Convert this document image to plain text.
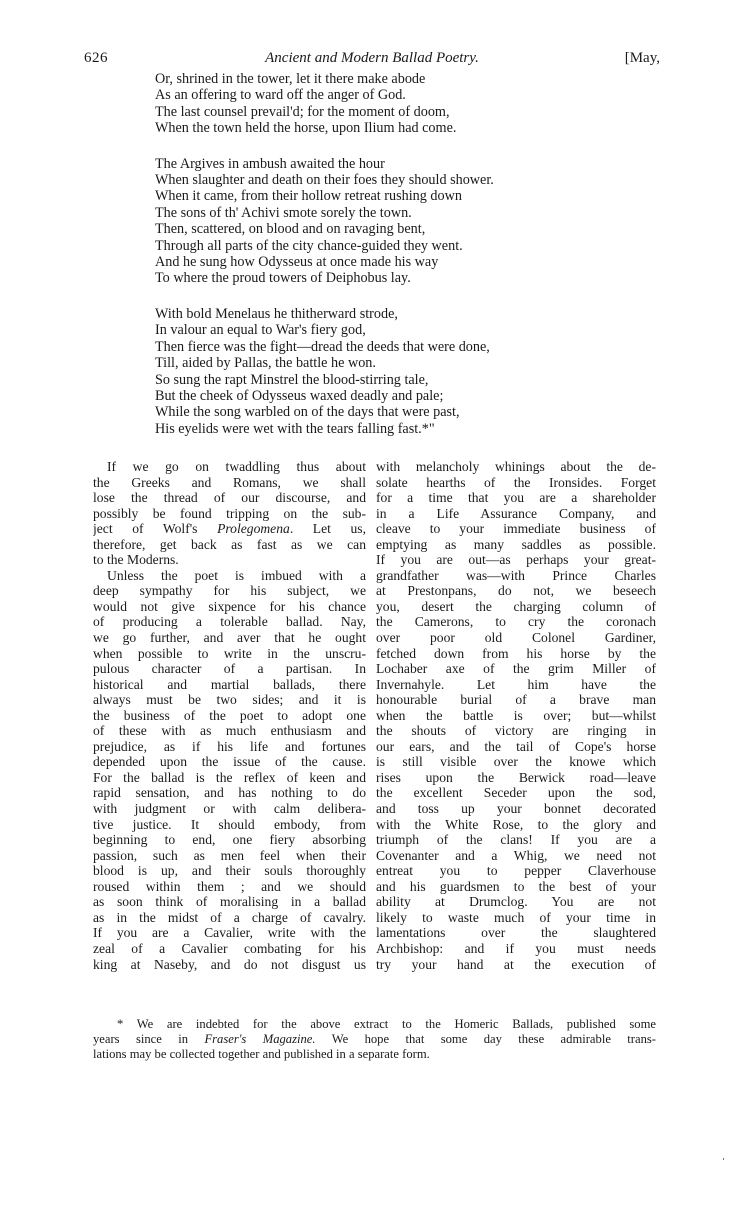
626	Ancient and Modern Ballad Poetry.	[May,
Or, shrined in the tower, let it there make abode
As an offering to ward off the anger of God.
The last counsel prevail'd; for the moment of doom,
When the town held the horse, upon Ilium had come.
The Argives in ambush awaited the hour
When slaughter and death on their foes they should shower.
When it came, from their hollow retreat rushing down
The sons of th' Achivi smote sorely the town.
Then, scattered, on blood and on ravaging bent,
Through all parts of the city chance-guided they went.
And he sung how Odysseus at once made his way
To where the proud towers of Deiphobus lay.
With bold Menelaus he thitherward strode,
In valour an equal to War's fiery god,
Then fierce was the fight—dread the deeds that were done,
Till, aided by Pallas, the battle he won.
So sung the rapt Minstrel the blood-stirring tale,
But the cheek of Odysseus waxed deadly and pale;
While the song warbled on of the days that were past,
His eyelids were wet with the tears falling fast.*"
If we go on twaddling thus about
the Greeks and Romans, we shall
lose the thread of our discourse, and
possibly be found tripping on the sub-
ject of Wolf's Prolegomena. Let us,
therefore, get back as fast as we can
to the Moderns.
Unless the poet is imbued with a
deep sympathy for his subject, we
would not give sixpence for his chance
of producing a tolerable ballad. Nay,
we go further, and aver that he ought
when possible to write in the unscru-
pulous character of a partisan. In
historical and martial ballads, there
always must be two sides; and it is
the business of the poet to adopt one
of these with as much enthusiasm and
prejudice, as if his life and fortunes
depended upon the issue of the cause.
For the ballad is the reflex of keen and
rapid sensation, and has nothing to do
with judgment or with calm delibera-
tive justice. It should embody, from
beginning to end, one fiery absorbing
passion, such as men feel when their
blood is up, and their souls thoroughly
roused within them ; and we should
as soon think of moralising in a ballad
as in the midst of a charge of cavalry.
If you are a Cavalier, write with the
zeal of a Cavalier combating for his
king at Naseby, and do not disgust us
with melancholy whinings about the de-
solate hearths of the Ironsides. Forget
for a time that you are a shareholder
in a Life Assurance Company, and
cleave to your immediate business of
emptying as many saddles as possible.
If you are out—as perhaps your great-
grandfather was—with Prince Charles
at Prestonpans, do not, we beseech
you, desert the charging column of
the Camerons, to cry the coronach
over poor old Colonel Gardiner,
fetched down from his horse by the
Lochaber axe of the grim Miller of
Invernahyle. Let him have the
honourable burial of a brave man
when the battle is over; but—whilst
the shouts of victory are ringing in
our ears, and the tail of Cope's horse
is still visible over the knowe which
rises upon the Berwick road—leave
the excellent Seceder upon the sod,
and toss up your bonnet decorated
with the White Rose, to the glory and
triumph of the clans! If you are a
Covenanter and a Whig, we need not
entreat you to pepper Claverhouse
and his guardsmen to the best of your
ability at Drumclog. You are not
likely to waste much of your time in
lamentations over the slaughtered
Archbishop: and if you must needs
try your hand at the execution of
* We are indebted for the above extract to the Homeric Ballads, published some
years since in Fraser's Magazine. We hope that some day these admirable trans-
lations may be collected together and published in a separate form.
